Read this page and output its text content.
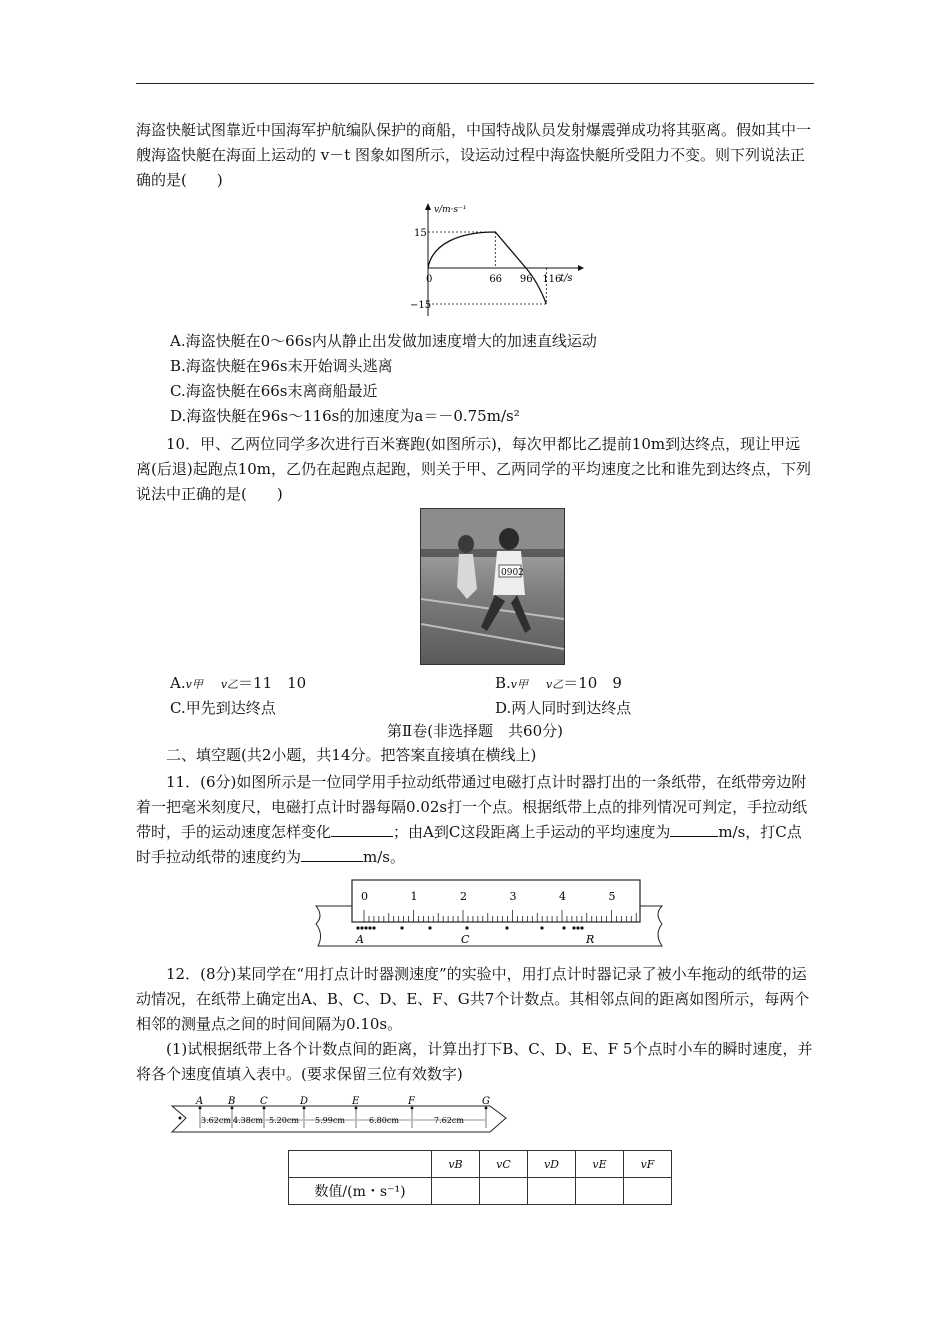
海盗快艇试图靠近中国海军护航编队保护的商船，中国特战队员发射爆震弹成功将其驱离。假如其中一艘海盗快艇在海面上运动的 v－t 图象如图所示，设运动过程中海盗快艇所受阻力不变。则下列说法正确的是(　　)

v/m·s⁻¹
t/s
0	66 96 116
15
−15
A.海盗快艇在0～66s内从静止出发做加速度增大的加速直线运动
B.海盗快艇在96s末开始调头逃离
C.海盗快艇在66s末离商船最近
D.海盗快艇在96s～116s的加速度为a＝－0.75m/s²

10．甲、乙两位同学多次进行百米赛跑(如图所示)，每次甲都比乙提前10m到达终点，现让甲远离(后退)起跑点10m，乙仍在起跑点起跑，则关于甲、乙两同学的平均速度之比和谁先到达终点，下列说法中正确的是(　　)

0902
A.v甲 v乙＝11　10	B.v甲 v乙＝10　9
C.甲先到达终点	D.两人同时到达终点
第Ⅱ卷(非选择题　共60分)
二、填空题(共2小题，共14分。把答案直接填在横线上)

11．(6分)如图所示是一位同学用手拉动纸带通过电磁打点计时器打出的一条纸带，在纸带旁边附着一把毫米刻度尺，电磁打点计时器每隔0.02s打一个点。根据纸带上点的排列情况可判定，手拉动纸带时，手的运动速度怎样变化	；由A到C这段距离上手运动的平均速度为	m/s，打C点时手拉动纸带的速度约为	m/s。

0	1	2	3	4	5
A	C	R

12．(8分)某同学在“用打点计时器测速度”的实验中，用打点计时器记录了被小车拖动的纸带的运动情况，在纸带上确定出A、B、C、D、E、F、G共7个计数点。其相邻点间的距离如图所示，每两个相邻的测量点之间的时间间隔为0.10s。

(1)试根据纸带上各个计数点间的距离，计算出打下B、C、D、E、F 5个点时小车的瞬时速度，并将各个速度值填入表中。(要求保留三位有效数字)

A B C	D	E	F	G
3.62cm 4.38cm 5.20cm 5.99cm	6.80cm	7.62cm
	vB	vC	vD	vE	vF
数值/(m・s⁻¹)					
